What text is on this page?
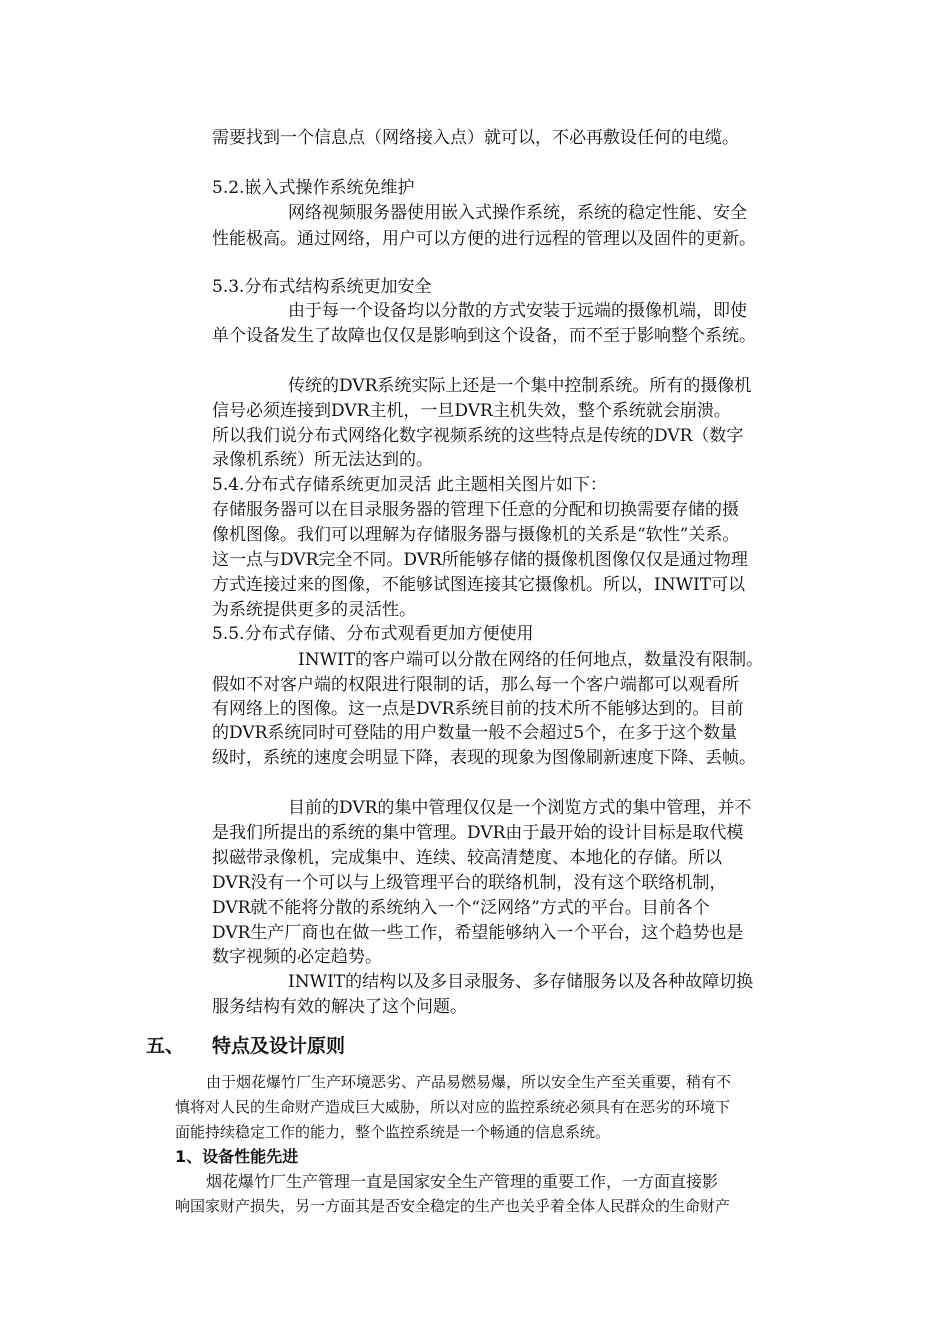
需要找到一个信息点（网络接入点）就可以，不必再敷设任何的电缆。
5.2.嵌入式操作系统免维护
网络视频服务器使用嵌入式操作系统，系统的稳定性能、安全
性能极高。通过网络，用户可以方便的进行远程的管理以及固件的更新。
5.3.分布式结构系统更加安全
由于每一个设备均以分散的方式安装于远端的摄像机端，即使
单个设备发生了故障也仅仅是影响到这个设备，而不至于影响整个系统。
传统的DVR系统实际上还是一个集中控制系统。所有的摄像机
信号必须连接到DVR主机，一旦DVR主机失效，整个系统就会崩溃。
所以我们说分布式网络化数字视频系统的这些特点是传统的DVR（数字
录像机系统）所无法达到的。
5.4.分布式存储系统更加灵活 此主题相关图片如下：
存储服务器可以在目录服务器的管理下任意的分配和切换需要存储的摄
像机图像。我们可以理解为存储服务器与摄像机的关系是“软性”关系。
这一点与DVR完全不同。DVR所能够存储的摄像机图像仅仅是通过物理
方式连接过来的图像，不能够试图连接其它摄像机。所以，INWIT可以
为系统提供更多的灵活性。
5.5.分布式存储、分布式观看更加方便使用
INWIT的客户端可以分散在网络的任何地点，数量没有限制。
假如不对客户端的权限进行限制的话，那么每一个客户端都可以观看所
有网络上的图像。这一点是DVR系统目前的技术所不能够达到的。目前
的DVR系统同时可登陆的用户数量一般不会超过5个，在多于这个数量
级时，系统的速度会明显下降，表现的现象为图像刷新速度下降、丢帧。
目前的DVR的集中管理仅仅是一个浏览方式的集中管理，并不
是我们所提出的系统的集中管理。DVR由于最开始的设计目标是取代模
拟磁带录像机，完成集中、连续、较高清楚度、本地化的存储。所以
DVR没有一个可以与上级管理平台的联络机制，没有这个联络机制，
DVR就不能将分散的系统纳入一个“泛网络”方式的平台。目前各个
DVR生产厂商也在做一些工作，希望能够纳入一个平台，这个趋势也是
数字视频的必定趋势。
INWIT的结构以及多目录服务、多存储服务以及各种故障切换
服务结构有效的解决了这个问题。
五、 特点及设计原则
由于烟花爆竹厂生产环境恶劣、产品易燃易爆，所以安全生产至关重要，稍有不
慎将对人民的生命财产造成巨大威胁，所以对应的监控系统必须具有在恶劣的环境下
面能持续稳定工作的能力，整个监控系统是一个畅通的信息系统。
1、设备性能先进
烟花爆竹厂生产管理一直是国家安全生产管理的重要工作，一方面直接影
响国家财产损失，另一方面其是否安全稳定的生产也关乎着全体人民群众的生命财产
